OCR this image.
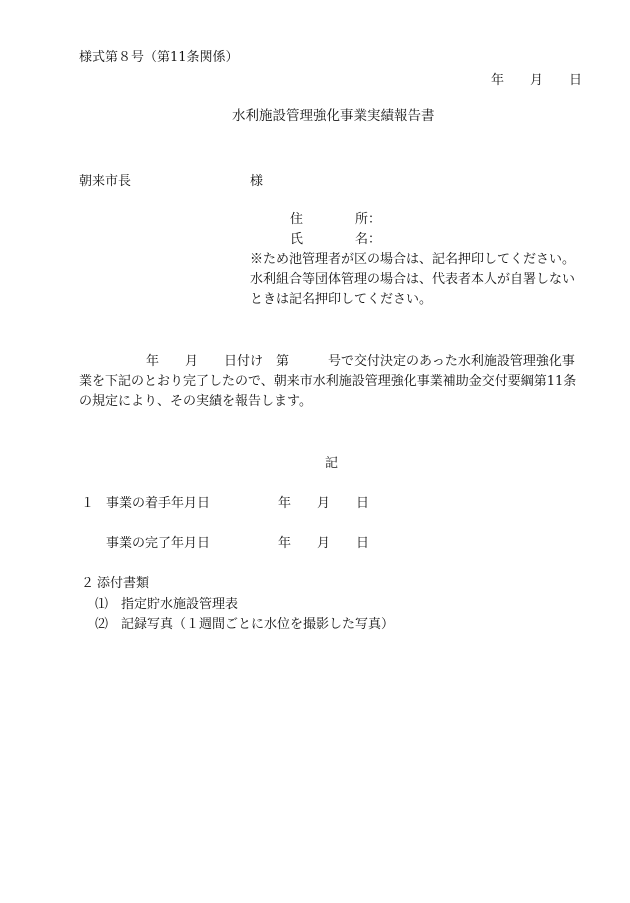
様式第８号（第11条関係）
年　　月　　日
水利施設管理強化事業実績報告書
朝来市長	様
住　　　　所：
氏　　　　名：
※ため池管理者が区の場合は、記名押印してください。
水利組合等団体管理の場合は、代表者本人が自署しない
ときは記名押印してください。
年　　月　　日付け　第　　　号で交付決定のあった水利施設管理強化事
業を下記のとおり完了したので、朝来市水利施設管理強化事業補助金交付要綱第11条
の規定により、その実績を報告します。
記
１ 事業の着手年月日	年　　月　　日
事業の完了年月日	年　　月　　日
２ 添付書類
⑴　指定貯水施設管理表
⑵　記録写真（１週間ごとに水位を撮影した写真）
